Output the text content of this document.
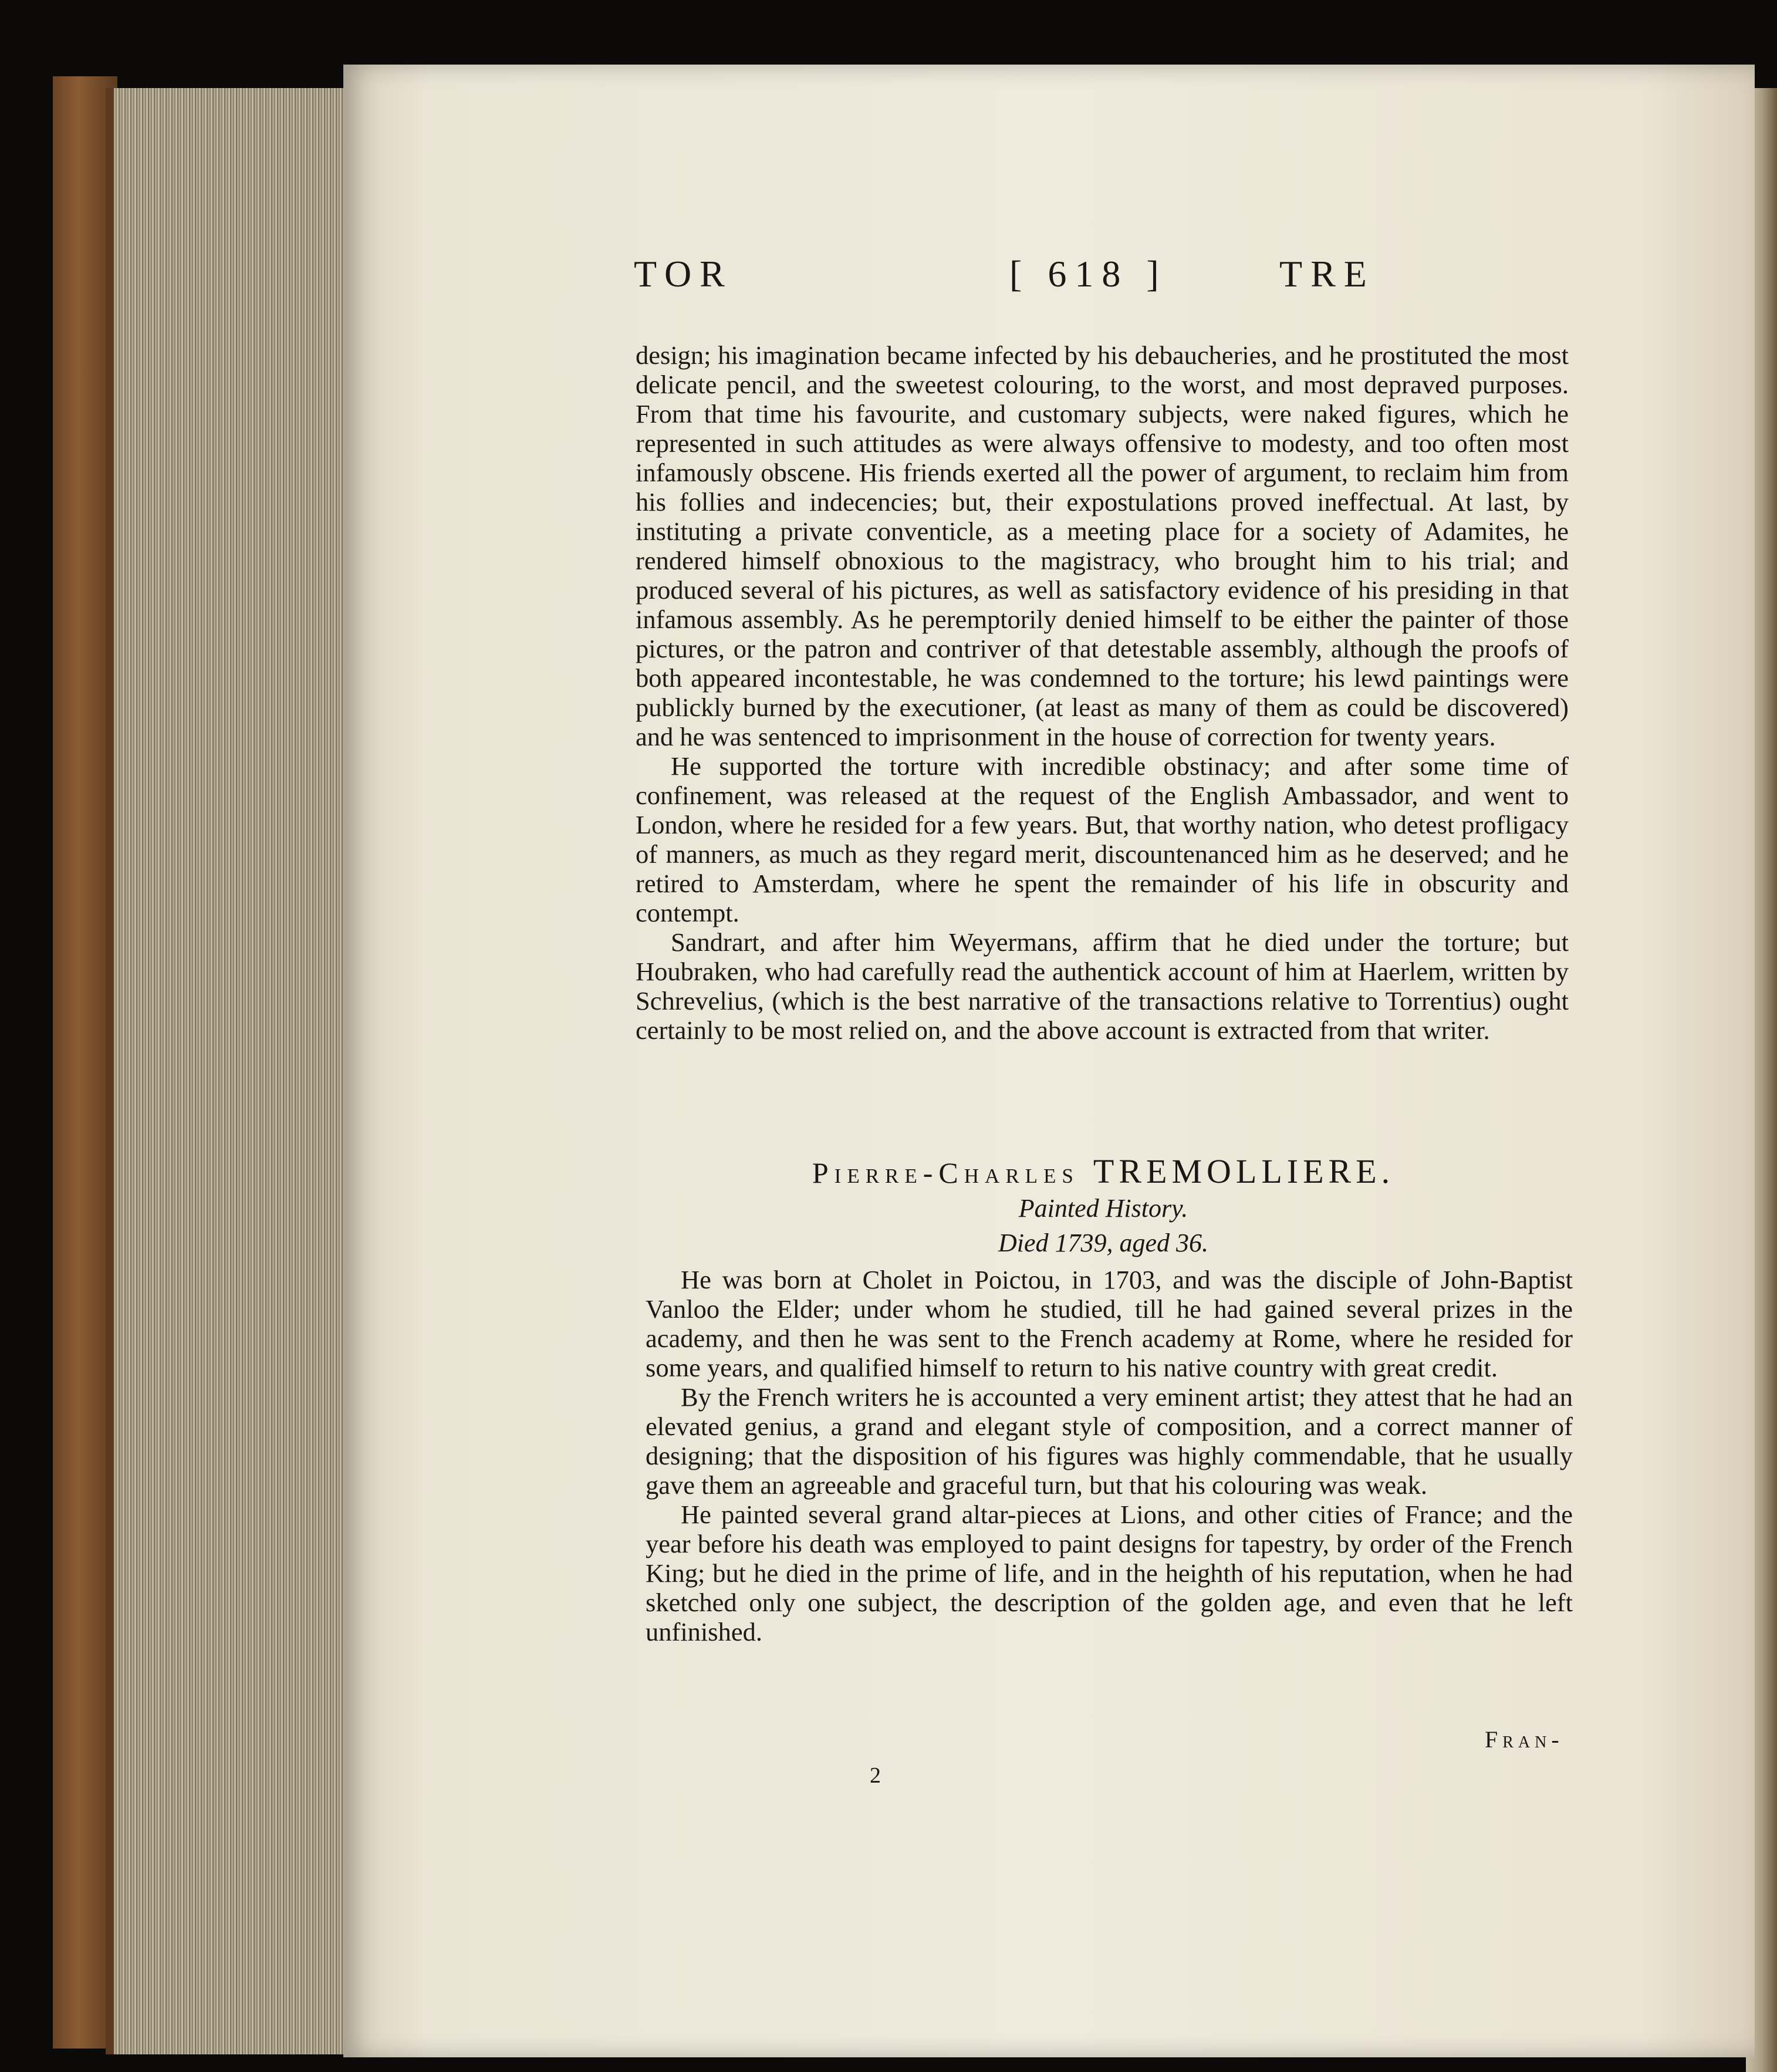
TOR	[ 618 ]	TRE

design; his imagination became infected by his debaucheries, and he prostituted the most delicate pencil, and the sweetest colouring, to the worst, and most depraved purposes. From that time his favourite, and customary subjects, were naked figures, which he represented in such attitudes as were always offensive to modesty, and too often most infamously obscene. His friends exerted all the power of argument, to reclaim him from his follies and indecencies; but, their expostulations proved ineffectual. At last, by instituting a private conventicle, as a meeting place for a society of Adamites, he rendered himself obnoxious to the magistracy, who brought him to his trial; and produced several of his pictures, as well as satisfactory evidence of his presiding in that infamous assembly. As he peremptorily denied himself to be either the painter of those pictures, or the patron and contriver of that detestable assembly, although the proofs of both appeared incontestable, he was condemned to the torture; his lewd paintings were publickly burned by the executioner, (at least as many of them as could be discovered) and he was sentenced to imprisonment in the house of correction for twenty years.

He supported the torture with incredible obstinacy; and after some time of confinement, was released at the request of the English Ambassador, and went to London, where he resided for a few years. But, that worthy nation, who detest profligacy of manners, as much as they regard merit, discountenanced him as he deserved; and he retired to Amsterdam, where he spent the remainder of his life in obscurity and contempt.

Sandrart, and after him Weyermans, affirm that he died under the torture; but Houbraken, who had carefully read the authentick account of him at Haerlem, written by Schrevelius, (which is the best narrative of the transactions relative to Torrentius) ought certainly to be most relied on, and the above account is extracted from that writer.

Pierre-Charles TREMOLLIERE.
Painted History.
Died 1739, aged 36.

He was born at Cholet in Poictou, in 1703, and was the disciple of John-Baptist Vanloo the Elder; under whom he studied, till he had gained several prizes in the academy, and then he was sent to the French academy at Rome, where he resided for some years, and qualified himself to return to his native country with great credit.

By the French writers he is accounted a very eminent artist; they attest that he had an elevated genius, a grand and elegant style of composition, and a correct manner of designing; that the disposition of his figures was highly commendable, that he usually gave them an agreeable and graceful turn, but that his colouring was weak.

He painted several grand altar-pieces at Lions, and other cities of France; and the year before his death was employed to paint designs for tapestry, by order of the French King; but he died in the prime of life, and in the heighth of his reputation, when he had sketched only one subject, the description of the golden age, and even that he left unfinished.

Fran-
2
